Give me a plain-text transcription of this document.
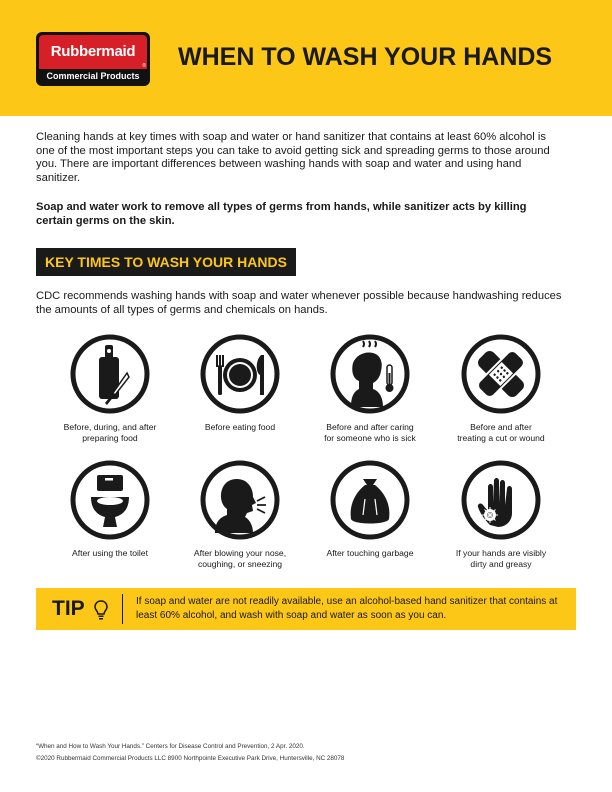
Rubbermaid
®
Commercial Products
WHEN TO WASH YOUR HANDS

Cleaning hands at key times with soap and water or hand sanitizer that contains at least 60% alcohol is one of the most important steps you can take to avoid getting sick and spreading germs to those around you. There are important differences between washing hands with soap and water and using hand sanitizer.

Soap and water work to remove all types of germs from hands, while sanitizer acts by killing certain germs on the skin.

KEY TIMES TO WASH YOUR HANDS

CDC recommends washing hands with soap and water whenever possible because handwashing reduces the amounts of all types of germs and chemicals on hands.

Before, during, and after
preparing food
Before eating food	Before and after caring
for someone who is sick
Before and after
treating a cut or wound
After using the toilet	After blowing your nose,
coughing, or sneezing
After touching garbage	If your hands are visibly
dirty and greasy
TIP	If soap and water are not readily available, use an alcohol-based hand sanitizer that contains at least 60% alcohol, and wash with soap and water as soon as you can.

“When and How to Wash Your Hands.” Centers for Disease Control and Prevention, 2 Apr. 2020.
©2020 Rubbermaid Commercial Products LLC 8900 Northpointe Executive Park Drive, Huntersville, NC 28078
